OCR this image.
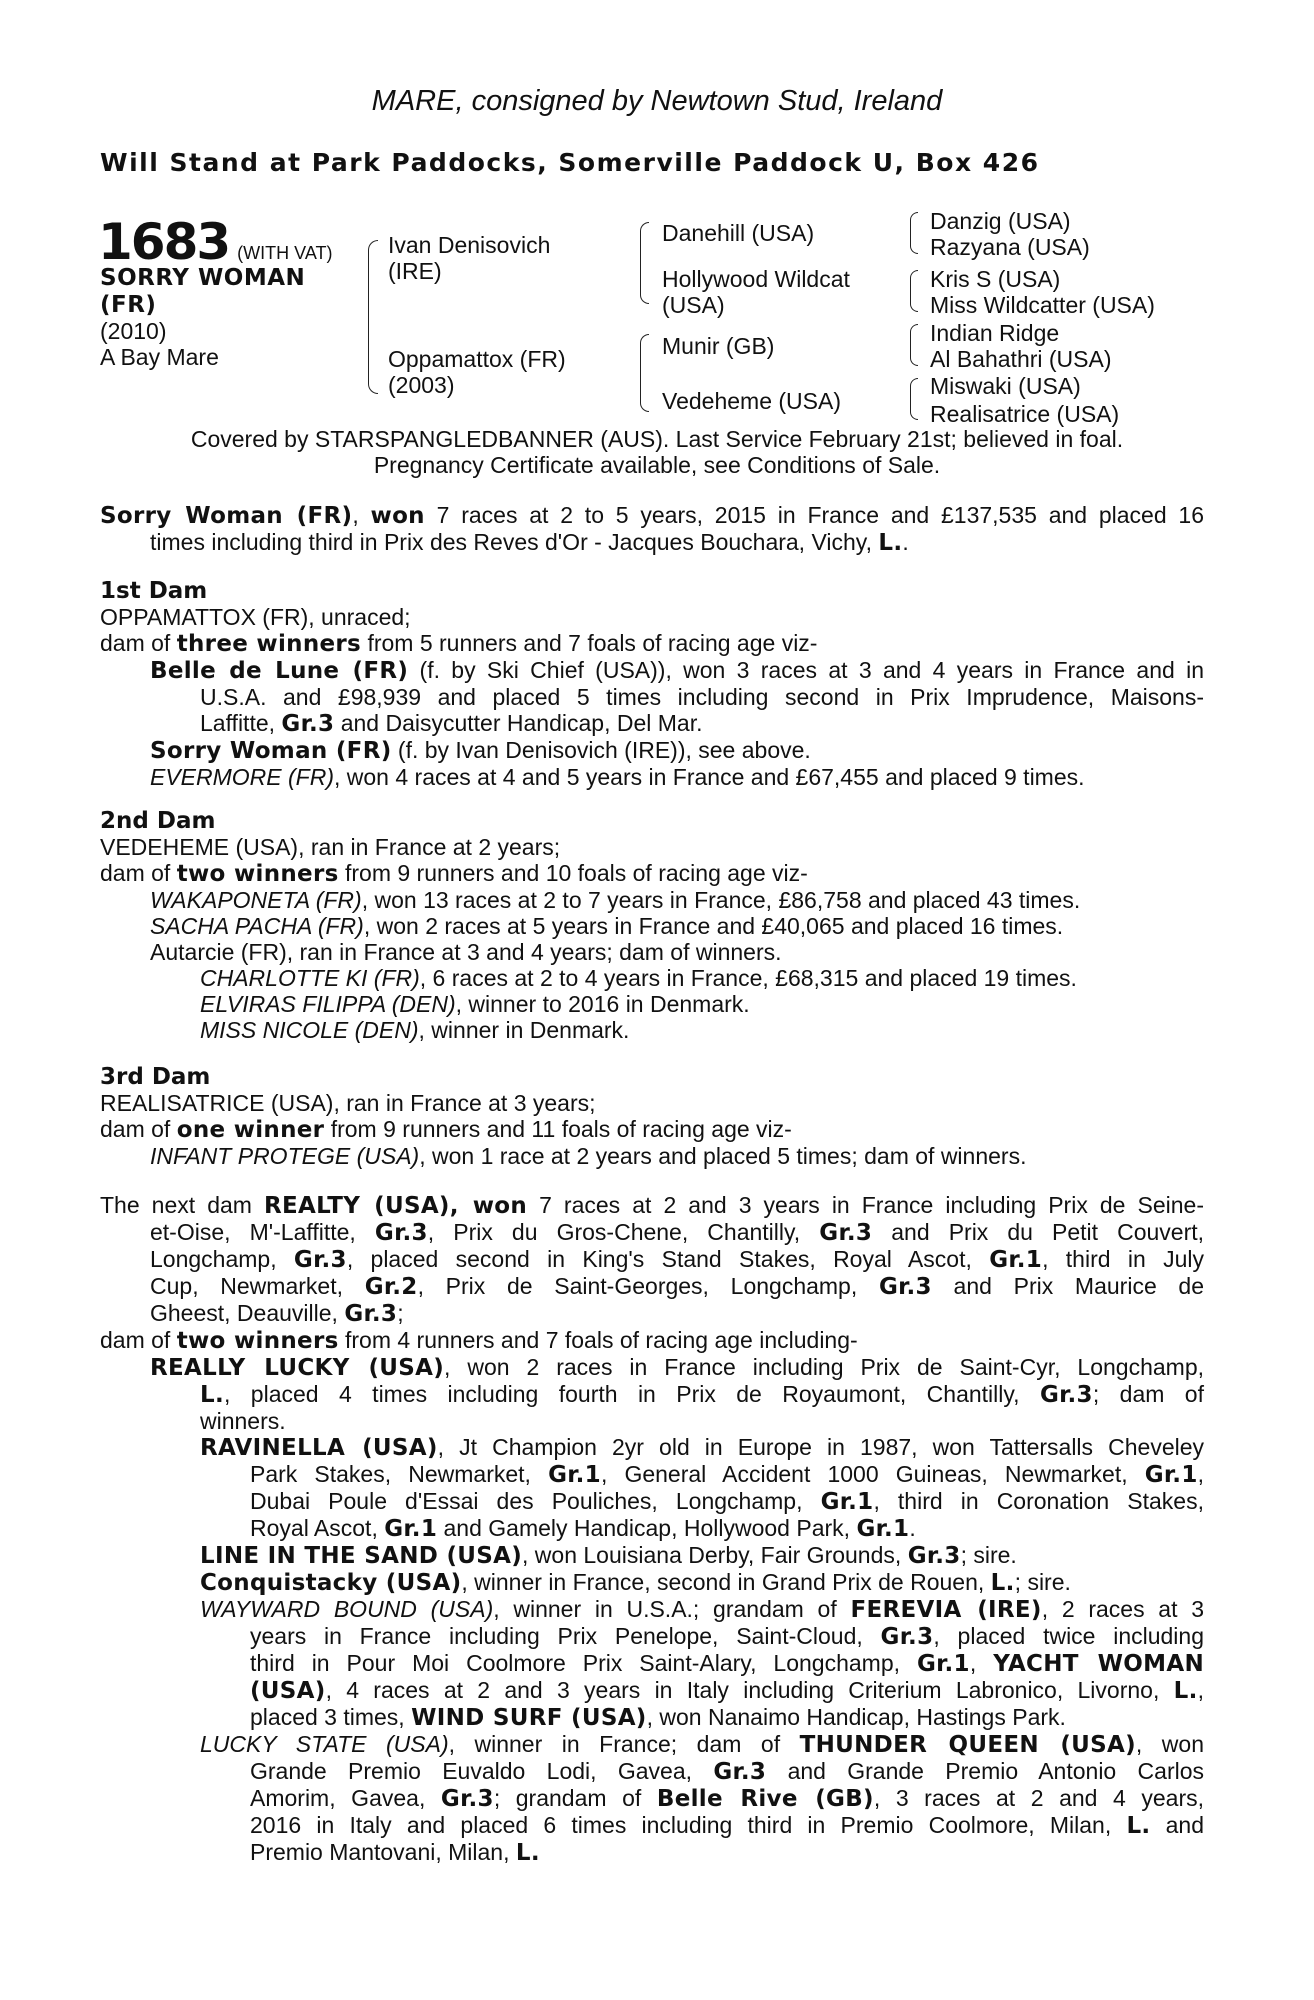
MARE, consigned by Newtown Stud, Ireland
Will Stand at Park Paddocks, Somerville Paddock U, Box 426
1683 (WITH VAT)
SORRY WOMAN
(FR)
(2010)
A Bay Mare
Ivan Denisovich
(IRE)
Oppamattox (FR)
(2003)
Danehill (USA)
Hollywood Wildcat
(USA)
Munir (GB)
Vedeheme (USA)
Danzig (USA)
Razyana (USA)
Kris S (USA)
Miss Wildcatter (USA)
Indian Ridge
Al Bahathri (USA)
Miswaki (USA)
Realisatrice (USA)
Covered by STARSPANGLEDBANNER (AUS). Last Service February 21st; believed in foal.
Pregnancy Certificate available, see Conditions of Sale.
Sorry Woman (FR), won 7 races at 2 to 5 years, 2015 in France and £137,535 and placed 16
times including third in Prix des Reves d'Or - Jacques Bouchara, Vichy, L..
1st Dam
OPPAMATTOX (FR), unraced;
dam of three winners from 5 runners and 7 foals of racing age viz-
Belle de Lune (FR) (f. by Ski Chief (USA)), won 3 races at 3 and 4 years in France and in
U.S.A. and £98,939 and placed 5 times including second in Prix Imprudence, Maisons-
Laffitte, Gr.3 and Daisycutter Handicap, Del Mar.
Sorry Woman (FR) (f. by Ivan Denisovich (IRE)), see above.
EVERMORE (FR), won 4 races at 4 and 5 years in France and £67,455 and placed 9 times.
2nd Dam
VEDEHEME (USA), ran in France at 2 years;
dam of two winners from 9 runners and 10 foals of racing age viz-
WAKAPONETA (FR), won 13 races at 2 to 7 years in France, £86,758 and placed 43 times.
SACHA PACHA (FR), won 2 races at 5 years in France and £40,065 and placed 16 times.
Autarcie (FR), ran in France at 3 and 4 years; dam of winners.
CHARLOTTE KI (FR), 6 races at 2 to 4 years in France, £68,315 and placed 19 times.
ELVIRAS FILIPPA (DEN), winner to 2016 in Denmark.
MISS NICOLE (DEN), winner in Denmark.
3rd Dam
REALISATRICE (USA), ran in France at 3 years;
dam of one winner from 9 runners and 11 foals of racing age viz-
INFANT PROTEGE (USA), won 1 race at 2 years and placed 5 times; dam of winners.
The next dam REALTY (USA), won 7 races at 2 and 3 years in France including Prix de Seine-
et-Oise, M'-Laffitte, Gr.3, Prix du Gros-Chene, Chantilly, Gr.3 and Prix du Petit Couvert,
Longchamp, Gr.3, placed second in King's Stand Stakes, Royal Ascot, Gr.1, third in July
Cup, Newmarket, Gr.2, Prix de Saint-Georges, Longchamp, Gr.3 and Prix Maurice de
Gheest, Deauville, Gr.3;
dam of two winners from 4 runners and 7 foals of racing age including-
REALLY LUCKY (USA), won 2 races in France including Prix de Saint-Cyr, Longchamp,
L., placed 4 times including fourth in Prix de Royaumont, Chantilly, Gr.3; dam of
winners.
RAVINELLA (USA), Jt Champion 2yr old in Europe in 1987, won Tattersalls Cheveley
Park Stakes, Newmarket, Gr.1, General Accident 1000 Guineas, Newmarket, Gr.1,
Dubai Poule d'Essai des Pouliches, Longchamp, Gr.1, third in Coronation Stakes,
Royal Ascot, Gr.1 and Gamely Handicap, Hollywood Park, Gr.1.
LINE IN THE SAND (USA), won Louisiana Derby, Fair Grounds, Gr.3; sire.
Conquistacky (USA), winner in France, second in Grand Prix de Rouen, L.; sire.
WAYWARD BOUND (USA), winner in U.S.A.; grandam of FEREVIA (IRE), 2 races at 3
years in France including Prix Penelope, Saint-Cloud, Gr.3, placed twice including
third in Pour Moi Coolmore Prix Saint-Alary, Longchamp, Gr.1, YACHT WOMAN
(USA), 4 races at 2 and 3 years in Italy including Criterium Labronico, Livorno, L.,
placed 3 times, WIND SURF (USA), won Nanaimo Handicap, Hastings Park.
LUCKY STATE (USA), winner in France; dam of THUNDER QUEEN (USA), won
Grande Premio Euvaldo Lodi, Gavea, Gr.3 and Grande Premio Antonio Carlos
Amorim, Gavea, Gr.3; grandam of Belle Rive (GB), 3 races at 2 and 4 years,
2016 in Italy and placed 6 times including third in Premio Coolmore, Milan, L. and
Premio Mantovani, Milan, L.
